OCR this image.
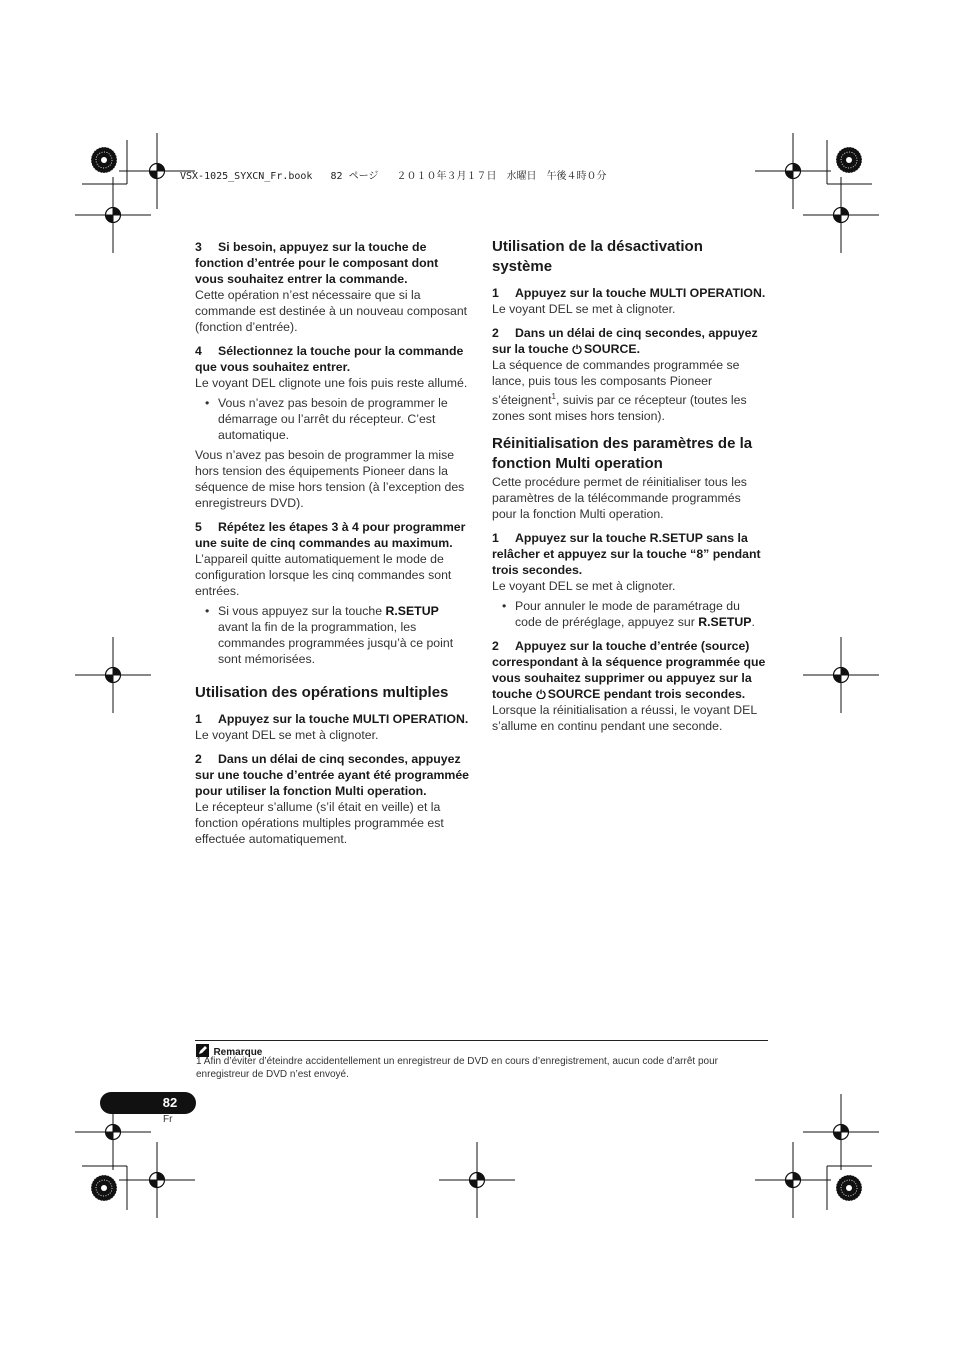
VSX-1025_SYXCN_Fr.book 82 ページ ２０１０年３月１７日　水曜日　午後４時０分

3 Si besoin, appuyez sur la touche de fonction d’entrée pour le composant dont vous souhaitez entrer la commande.

Cette opération n’est nécessaire que si la commande est destinée à un nouveau composant (fonction d’entrée).

4 Sélectionnez la touche pour la commande que vous souhaitez entrer.

Le voyant DEL clignote une fois puis reste allumé.

• Vous n’avez pas besoin de programmer le démarrage ou l’arrêt du récepteur. C’est automatique.

Vous n’avez pas besoin de programmer la mise hors tension des équipements Pioneer dans la séquence de mise hors tension (à l’exception des enregistreurs DVD).

5 Répétez les étapes 3 à 4 pour programmer une suite de cinq commandes au maximum.

L’appareil quitte automatiquement le mode de configuration lorsque les cinq commandes sont entrées.

• Si vous appuyez sur la touche R.SETUP avant la fin de la programmation, les commandes programmées jusqu’à ce point sont mémorisées.

Utilisation des opérations multiples

1 Appuyez sur la touche MULTI OPERATION.

Le voyant DEL se met à clignoter.

2 Dans un délai de cinq secondes, appuyez sur une touche d’entrée ayant été programmée pour utiliser la fonction Multi operation.

Le récepteur s’allume (s’il était en veille) et la fonction opérations multiples programmée est effectuée automatiquement.

Utilisation de la désactivation système

1 Appuyez sur la touche MULTI OPERATION.

Le voyant DEL se met à clignoter.

2 Dans un délai de cinq secondes, appuyez sur la touche SOURCE.

La séquence de commandes programmée se lance, puis tous les composants Pioneer s’éteignent$^1$, suivis par ce récepteur (toutes les zones sont mises hors tension).

Réinitialisation des paramètres de la fonction Multi operation

Cette procédure permet de réinitialiser tous les paramètres de la télécommande programmés pour la fonction Multi operation.

1 Appuyez sur la touche R.SETUP sans la relâcher et appuyez sur la touche “8” pendant trois secondes.

Le voyant DEL se met à clignoter.

• Pour annuler le mode de paramétrage du code de préréglage, appuyez sur R.SETUP.

2 Appuyez sur la touche d’entrée (source) correspondant à la séquence programmée que vous souhaitez supprimer ou appuyez sur la touche SOURCE pendant trois secondes.

Lorsque la réinitialisation a réussi, le voyant DEL s’allume en continu pendant une seconde.

Remarque
1 Afin d’éviter d’éteindre accidentellement un enregistreur de DVD en cours d’enregistrement, aucun code d’arrêt pour enregistreur de DVD n’est envoyé.
82
Fr
